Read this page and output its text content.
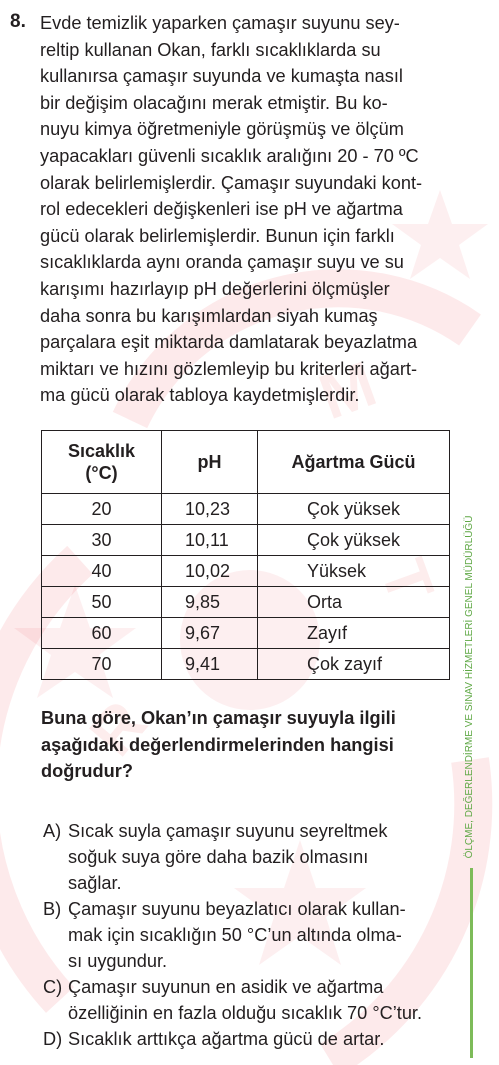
M
R
T
8. Evde temizlik yaparken çamaşır suyunu sey-
reltip kullanan Okan, farklı sıcaklıklarda su
kullanırsa çamaşır suyunda ve kumaşta nasıl
bir değişim olacağını merak etmiştir. Bu ko-
nuyu kimya öğretmeniyle görüşmüş ve ölçüm
yapacakları güvenli sıcaklık aralığını 20 - 70 ºC
olarak belirlemişlerdir. Çamaşır suyundaki kont-
rol edecekleri değişkenleri ise pH ve ağartma
gücü olarak belirlemişlerdir. Bunun için farklı
sıcaklıklarda aynı oranda çamaşır suyu ve su
karışımı hazırlayıp pH değerlerini ölçmüşler
daha sonra bu karışımlardan siyah kumaş
parçalara eşit miktarda damlatarak beyazlatma
miktarı ve hızını gözlemleyip bu kriterleri ağart-
ma gücü olarak tabloya kaydetmişlerdir.
Sıcaklık
(°C)	pH	Ağartma Gücü
20	10,23	Çok yüksek
30	10,11	Çok yüksek
40	10,02	Yüksek
50	9,85	Orta
60	9,67	Zayıf
70	9,41	Çok zayıf
Buna göre, Okan’ın çamaşır suyuyla ilgili
aşağıdaki değerlendirmelerinden hangisi
doğrudur?
A) Sıcak suyla çamaşır suyunu seyreltmek
soğuk suya göre daha bazik olmasını
sağlar.
B) Çamaşır suyunu beyazlatıcı olarak kullan-
mak için sıcaklığın 50 °C’un altında olma-
sı uygundur.
C) Çamaşır suyunun en asidik ve ağartma
özelliğinin en fazla olduğu sıcaklık 70 °C’tur.
D) Sıcaklık arttıkça ağartma gücü de artar.
ÖLÇME, DEĞERLENDİRME VE SINAV HİZMETLERİ GENEL MÜDÜRLÜĞÜ
